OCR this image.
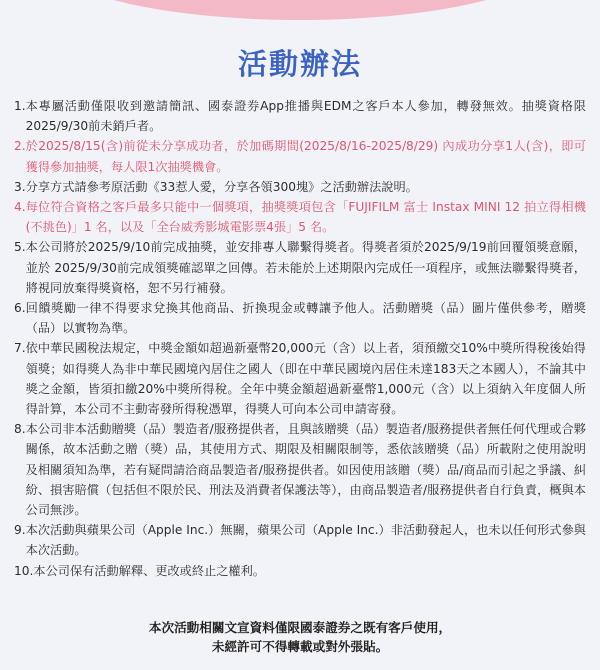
活動辦法
1. 本專屬活動僅限收到邀請簡訊、國泰證券App推播與EDM之客戶本人參加，轉發無效。抽獎資格限2025/9/30前未銷戶者。
2. 於2025/8/15(含)前從未分享成功者，於加碼期間(2025/8/16-2025/8/29) 內成功分享1人(含)，即可獲得參加抽獎，每人限1次抽獎機會。
3. 分享方式請參考原活動《33惹人愛，分享各領300塊》之活動辦法說明。
4. 每位符合資格之客戶最多只能中一個獎項，抽獎獎項包含「FUJIFILM 富士 Instax MINI 12 拍立得相機(不挑色)」1 名，以及「全台威秀影城電影票4張」5 名。
5. 本公司將於2025/9/10前完成抽獎，並安排專人聯繫得獎者。得獎者須於2025/9/19前回覆領獎意願，並於 2025/9/30前完成領獎確認單之回傳。若未能於上述期限內完成任一項程序，或無法聯繫得獎者，將視同放棄得獎資格，恕不另行補發。
6. 回饋獎勵一律不得要求兌換其他商品、折換現金或轉讓予他人。活動贈獎（品）圖片僅供參考，贈獎（品）以實物為準。
7. 依中華民國稅法規定，中獎金額如超過新臺幣20,000元（含）以上者，須預繳交10%中獎所得稅後始得領獎；如得獎人為非中華民國境內居住之國人（即在中華民國境內居住未達183天之本國人），不論其中獎之金額，皆須扣繳20%中獎所得稅。全年中獎金額超過新臺幣1,000元（含）以上須納入年度個人所得計算，本公司不主動寄發所得稅憑單，得獎人可向本公司申請寄發。
8. 本公司非本活動贈獎（品）製造者/服務提供者，且與該贈獎（品）製造者/服務提供者無任何代理或合夥關係，故本活動之贈（獎）品，其使用方式、期限及相關限制等，悉依該贈獎（品）所載附之使用說明及相關須知為準，若有疑問請洽商品製造者/服務提供者。如因使用該贈（獎）品/商品而引起之爭議、糾紛、損害賠償（包括但不限於民、刑法及消費者保護法等），由商品製造者/服務提供者自行負責，概與本公司無涉。
9. 本次活動與蘋果公司（Apple Inc.）無關，蘋果公司（Apple Inc.）非活動發起人，也未以任何形式參與本次活動。
10. 本公司保有活動解釋、更改或終止之權利。
本次活動相關文宣資料僅限國泰證券之既有客戶使用，
未經許可不得轉載或對外張貼。
